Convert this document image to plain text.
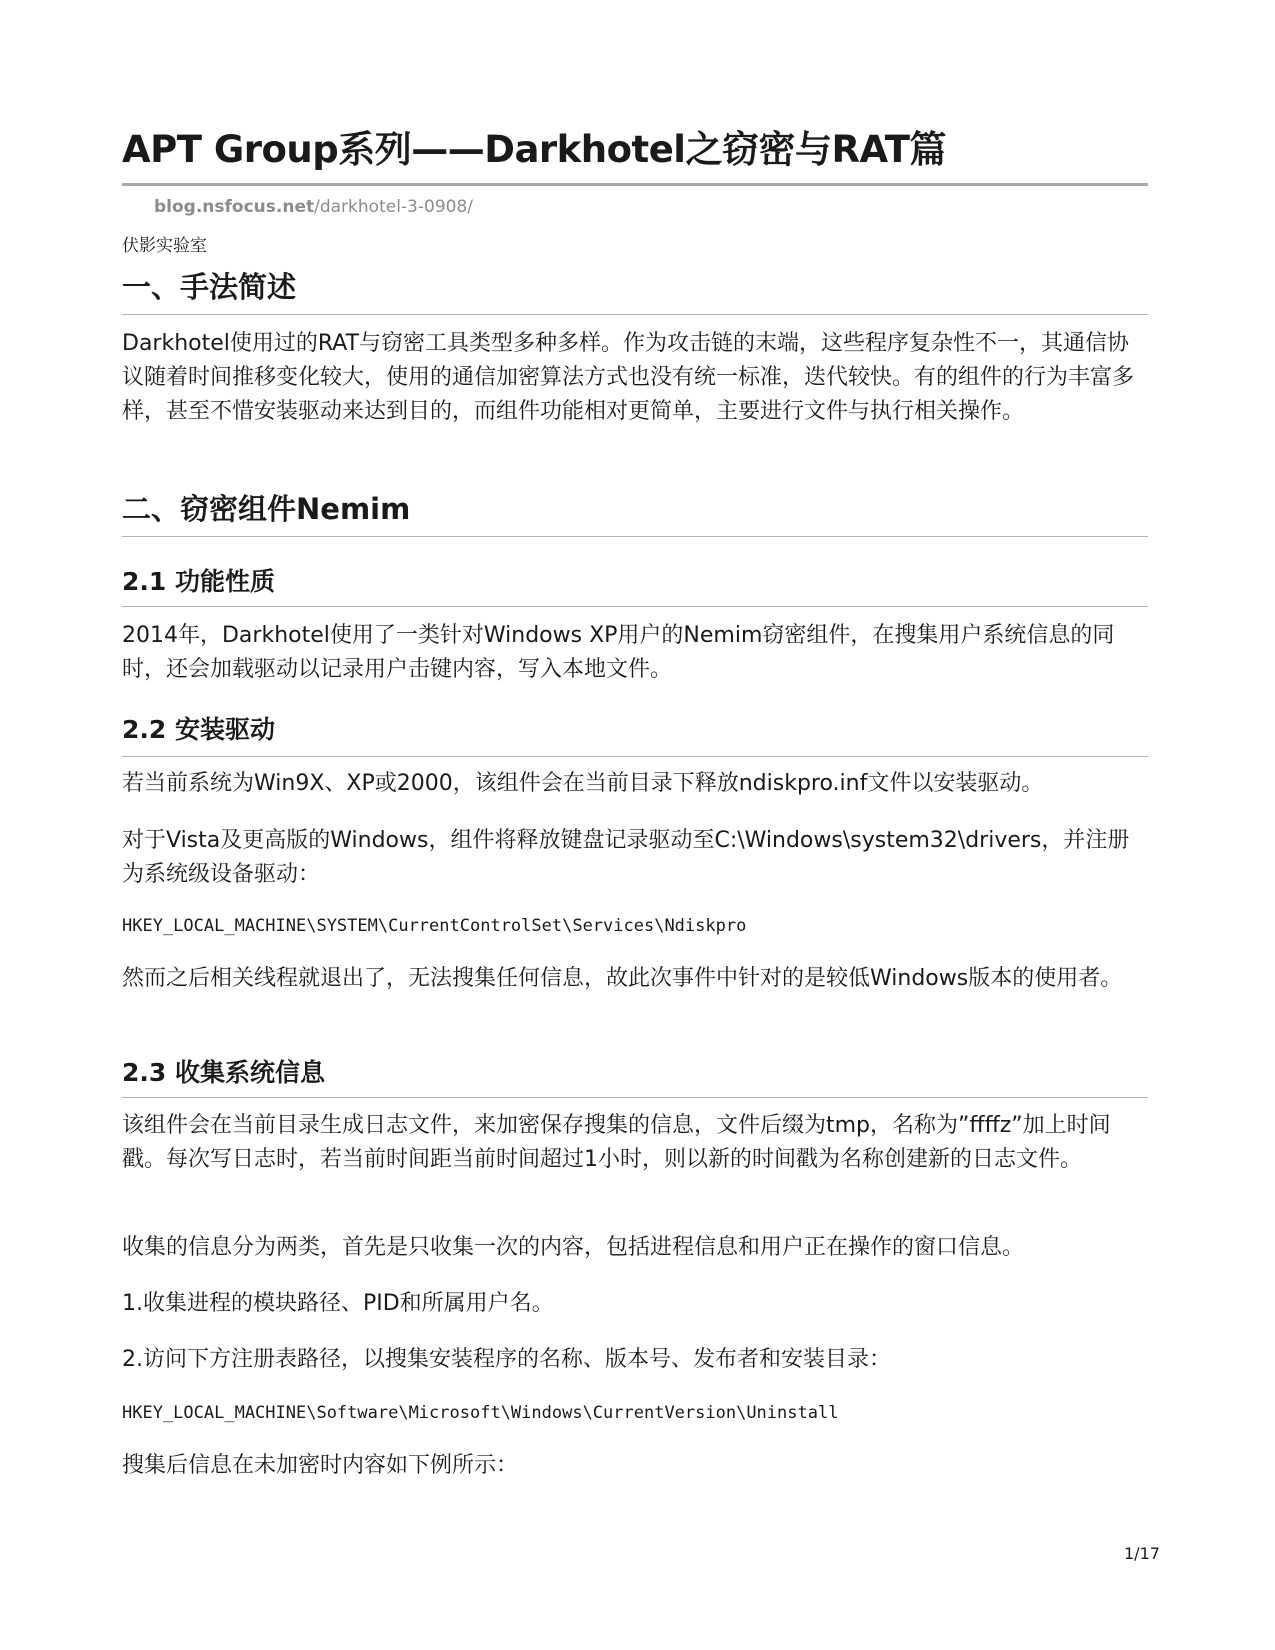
APT Group系列——Darkhotel之窃密与RAT篇
blog.nsfocus.net/darkhotel-3-0908/
伏影实验室
一、手法简述

Darkhotel使用过的RAT与窃密工具类型多种多样。作为攻击链的末端，这些程序复杂性不一，其通信协议随着时间推移变化较大，使用的通信加密算法方式也没有统一标准，迭代较快。有的组件的行为丰富多样，甚至不惜安装驱动来达到目的，而组件功能相对更简单，主要进行文件与执行相关操作。

二、窃密组件Nemim
2.1 功能性质

2014年，Darkhotel使用了一类针对Windows XP用户的Nemim窃密组件，在搜集用户系统信息的同时，还会加载驱动以记录用户击键内容，写入本地文件。

2.2 安装驱动

若当前系统为Win9X、XP或2000，该组件会在当前目录下释放ndiskpro.inf文件以安装驱动。

对于Vista及更高版的Windows，组件将释放键盘记录驱动至C:\Windows\system32\drivers，并注册为系统级设备驱动：

HKEY_LOCAL_MACHINE\SYSTEM\CurrentControlSet\Services\Ndiskpro

然而之后相关线程就退出了，无法搜集任何信息，故此次事件中针对的是较低Windows版本的使用者。

2.3 收集系统信息

该组件会在当前目录生成日志文件，来加密保存搜集的信息，文件后缀为tmp，名称为”ffffz”加上时间戳。每次写日志时，若当前时间距当前时间超过1小时，则以新的时间戳为名称创建新的日志文件。

收集的信息分为两类，首先是只收集一次的内容，包括进程信息和用户正在操作的窗口信息。

1.收集进程的模块路径、PID和所属用户名。

2.访问下方注册表路径，以搜集安装程序的名称、版本号、发布者和安装目录：

HKEY_LOCAL_MACHINE\Software\Microsoft\Windows\CurrentVersion\Uninstall

搜集后信息在未加密时内容如下例所示：

1/17
